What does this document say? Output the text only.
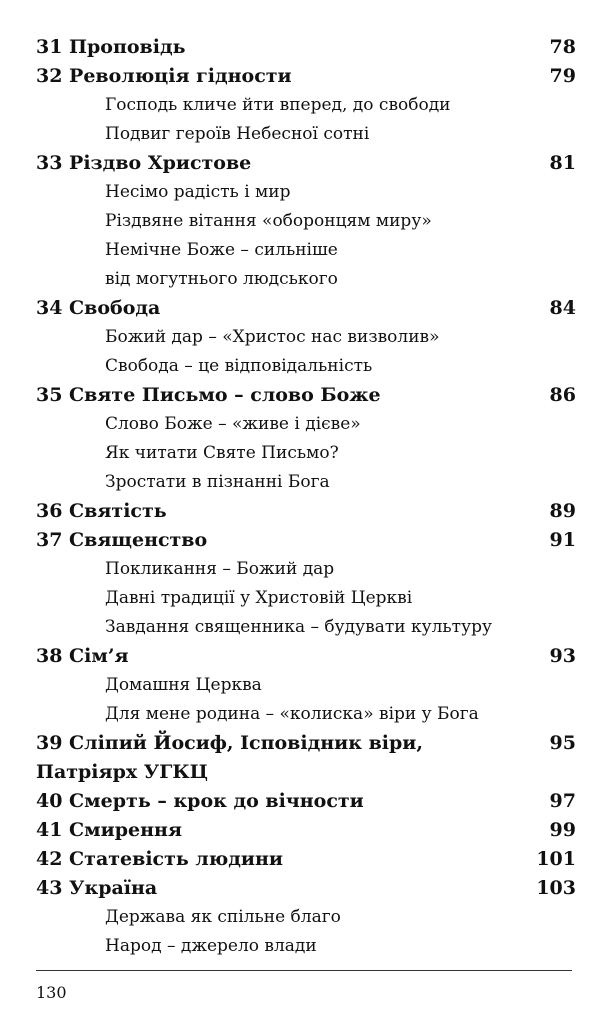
31 Проповідь	78
32 Революція гідности	79
Господь кличе йти вперед, до свободи
Подвиг героїв Небесної сотні
33 Різдво Христове	81
Несімо радість і мир
Різдвяне вітання «оборонцям миру»
Немічне Боже – сильніше
від могутнього людського
34 Свобода	84
Божий дар – «Христос нас визволив»
Свобода – це відповідальність
35 Святе Письмо – слово Боже	86
Слово Боже – «живе і дієве»
Як читати Святе Письмо?
Зростати в пізнанні Бога
36 Святість	89
37 Священство	91
Покликання – Божий дар
Давні традиції у Христовій Церкві
Завдання священника – будувати культуру
38 Сім’я	93
Домашня Церква
Для мене родина – «колиска» віри у Бога
39 Сліпий Йосиф, Ісповідник віри,	95
Патріярх УГКЦ
40 Смерть – крок до вічности	97
41 Смирення	99
42 Статевість людини	101
43 Україна	103
Держава як спільне благо
Народ – джерело влади
130
